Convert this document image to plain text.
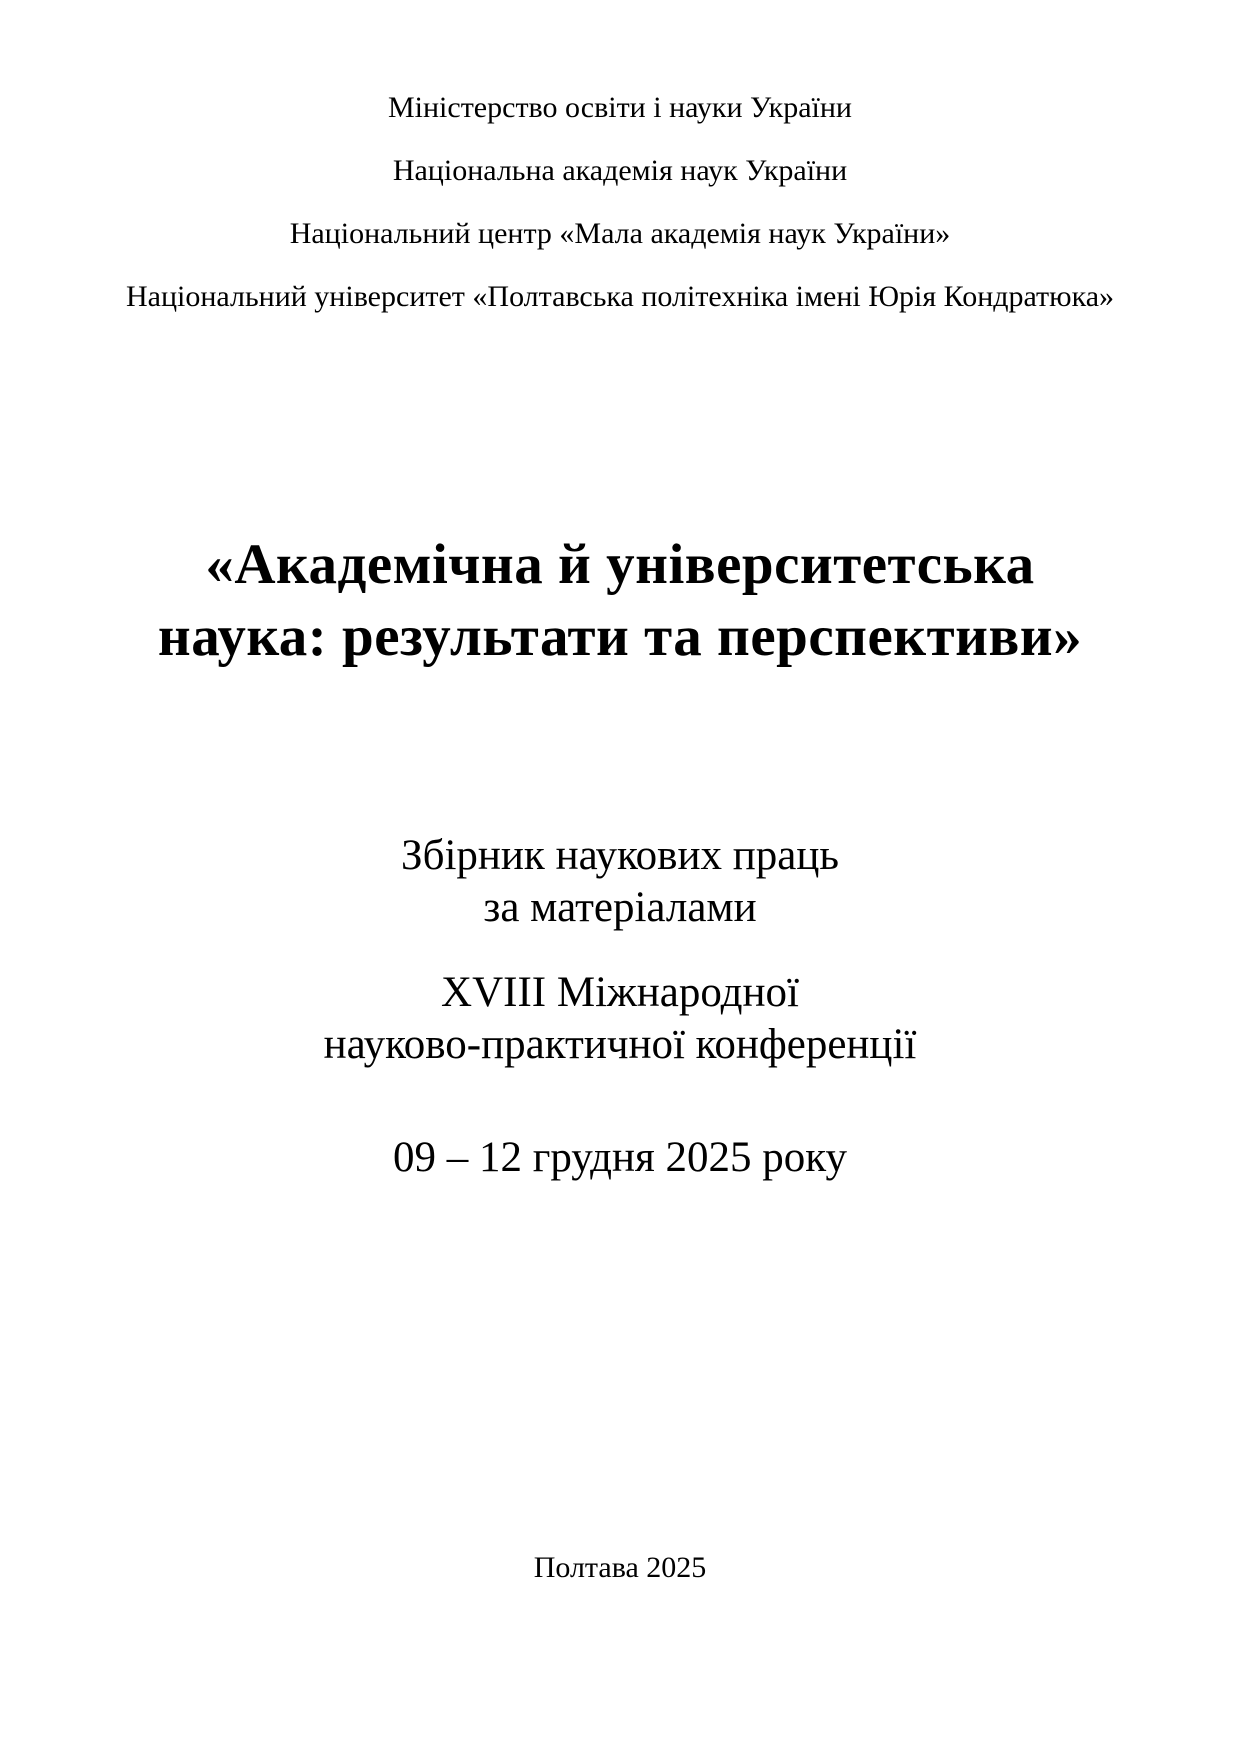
Міністерство освіти і науки України
Національна академія наук України
Національний центр «Мала академія наук України»
Національний університет «Полтавська політехніка імені Юрія Кондратюка»
«Академічна й університетська
наука: результати та перспективи»
Збірник наукових праць
за матеріалами
XVIII Міжнародної
науково-практичної конференції
09 – 12 грудня 2025 року
Полтава 2025
